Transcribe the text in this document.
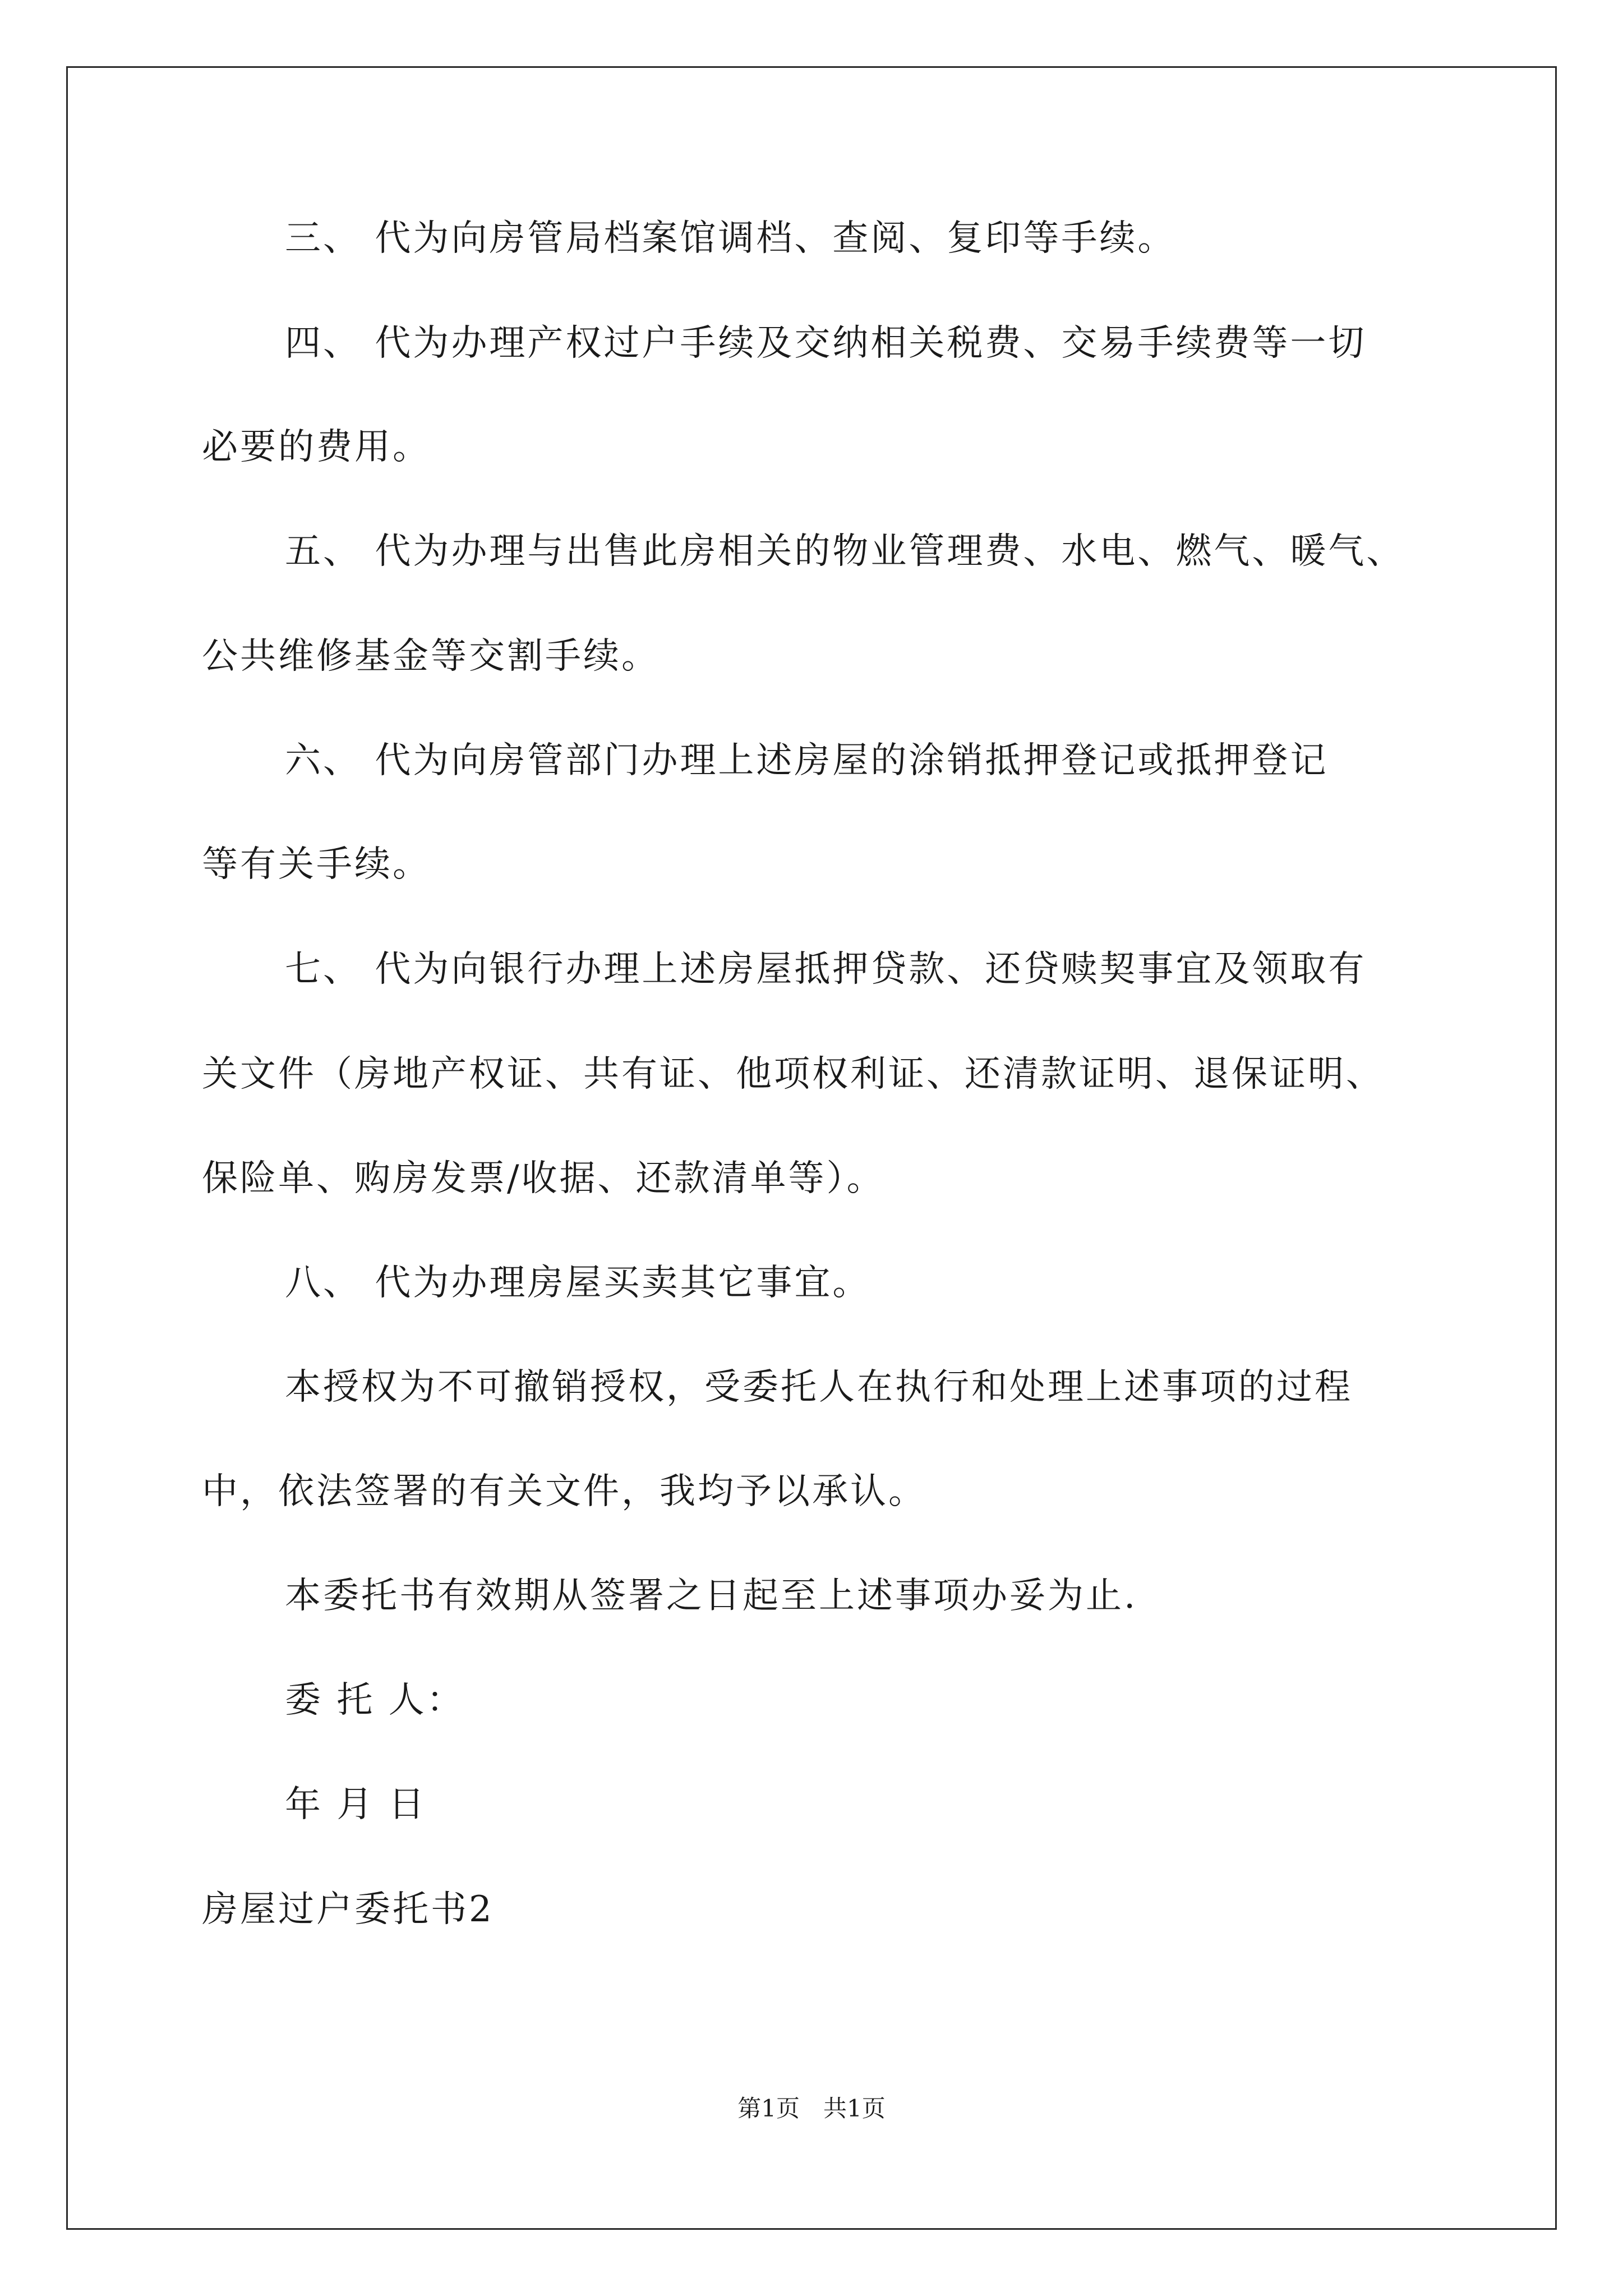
三、 代为向房管局档案馆调档、查阅、复印等手续。

四、 代为办理产权过户手续及交纳相关税费、交易手续费等一切

必要的费用。

五、 代为办理与出售此房相关的物业管理费、水电、燃气、暖气、

公共维修基金等交割手续。

六、 代为向房管部门办理上述房屋的涂销抵押登记或抵押登记

等有关手续。

七、 代为向银行办理上述房屋抵押贷款、还贷赎契事宜及领取有

关文件（房地产权证、共有证、他项权利证、还清款证明、退保证明、

保险单、购房发票/收据、还款清单等）。

八、 代为办理房屋买卖其它事宜。

本授权为不可撤销授权，受委托人在执行和处理上述事项的过程

中，依法签署的有关文件，我均予以承认。

本委托书有效期从签署之日起至上述事项办妥为止.

委 托 人：

年 月 日

房屋过户委托书2

第1页　共1页
